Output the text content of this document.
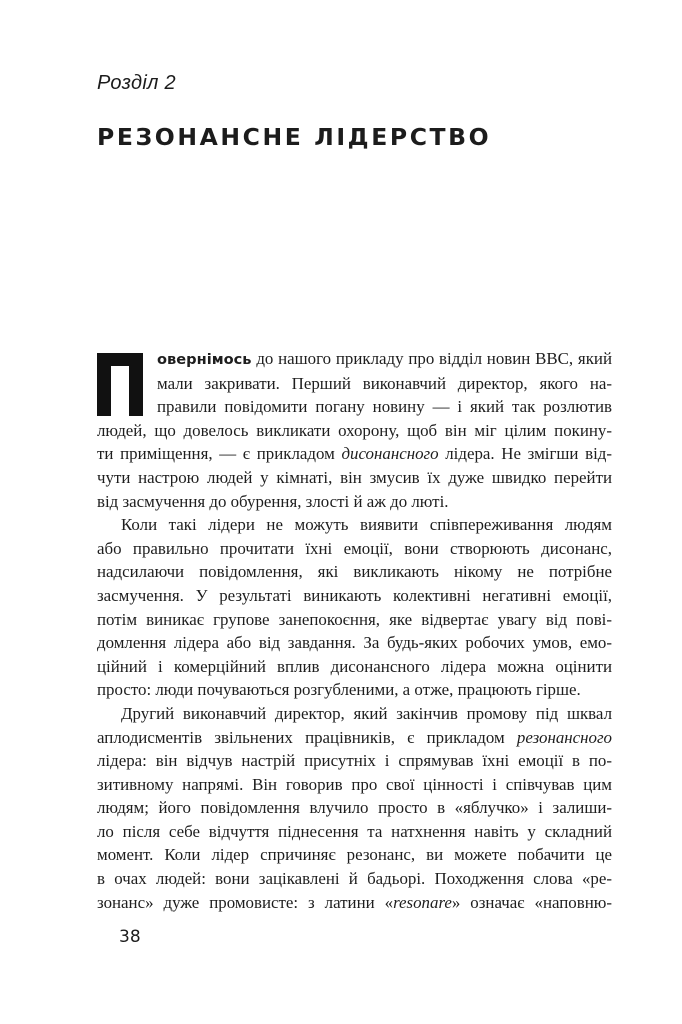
Розділ 2
РЕЗОНАНСНЕ ЛІДЕРСТВО
овернімось до нашого прикладу про відділ новин BBC, який
мали закривати. Перший виконавчий директор, якого на-
правили повідомити погану новину — і який так розлютив
людей, що довелось викликати охорону, щоб він міг цілим покину-
ти приміщення, — є прикладом дисонансного лідера. Не змігши від-
чути настрою людей у кімнаті, він змусив їх дуже швидко перейти
від засмучення до обурення, злості й аж до люті.
Коли такі лідери не можуть виявити співпереживання людям
або правильно прочитати їхні емоції, вони створюють дисонанс,
надсилаючи повідомлення, які викликають нікому не потрібне
засмучення. У результаті виникають колективні негативні емоції,
потім виникає групове занепокоєння, яке відвертає увагу від пові-
домлення лідера або від завдання. За будь-яких робочих умов, емо-
ційний і комерційний вплив дисонансного лідера можна оцінити
просто: люди почуваються розгубленими, а отже, працюють гірше.
Другий виконавчий директор, який закінчив промову під шквал
аплодисментів звільнених працівників, є прикладом резонансного
лідера: він відчув настрій присутніх і спрямував їхні емоції в по-
зитивному напрямі. Він говорив про свої цінності і співчував цим
людям; його повідомлення влучило просто в «яблучко» і залиши-
ло після себе відчуття піднесення та натхнення навіть у складний
момент. Коли лідер спричиняє резонанс, ви можете побачити це
в очах людей: вони зацікавлені й бадьорі. Походження слова «ре-
зонанс» дуже промовисте: з латини «resonare» означає «наповню-
38
